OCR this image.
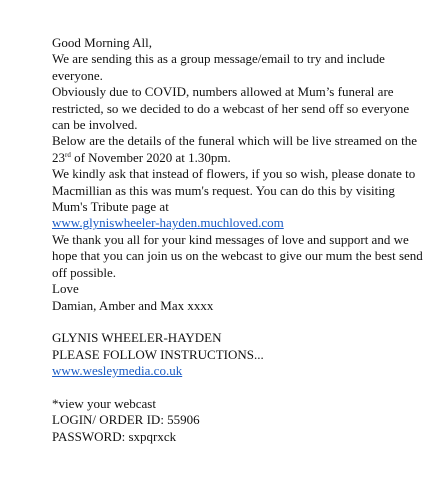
Good Morning All,

We are sending this as a group message/email to try and include everyone.

Obviously due to COVID, numbers allowed at Mum’s funeral are restricted, so we decided to do a webcast of her send off so everyone can be involved.

Below are the details of the funeral which will be live streamed on the 23rd of November 2020 at 1.30pm.

We kindly ask that instead of flowers, if you so wish, please donate to Macmillian as this was mum's request. You can do this by visiting Mum's Tribute page at

www.glyniswheeler-hayden.muchloved.com

We thank you all for your kind messages of love and support and we hope that you can join us on the webcast to give our mum the best send off possible.

Love

Damian, Amber and Max xxxx

GLYNIS WHEELER-HAYDEN

PLEASE FOLLOW INSTRUCTIONS...

www.wesleymedia.co.uk

*view your webcast

LOGIN/ ORDER ID: 55906

PASSWORD: sxpqrxck
